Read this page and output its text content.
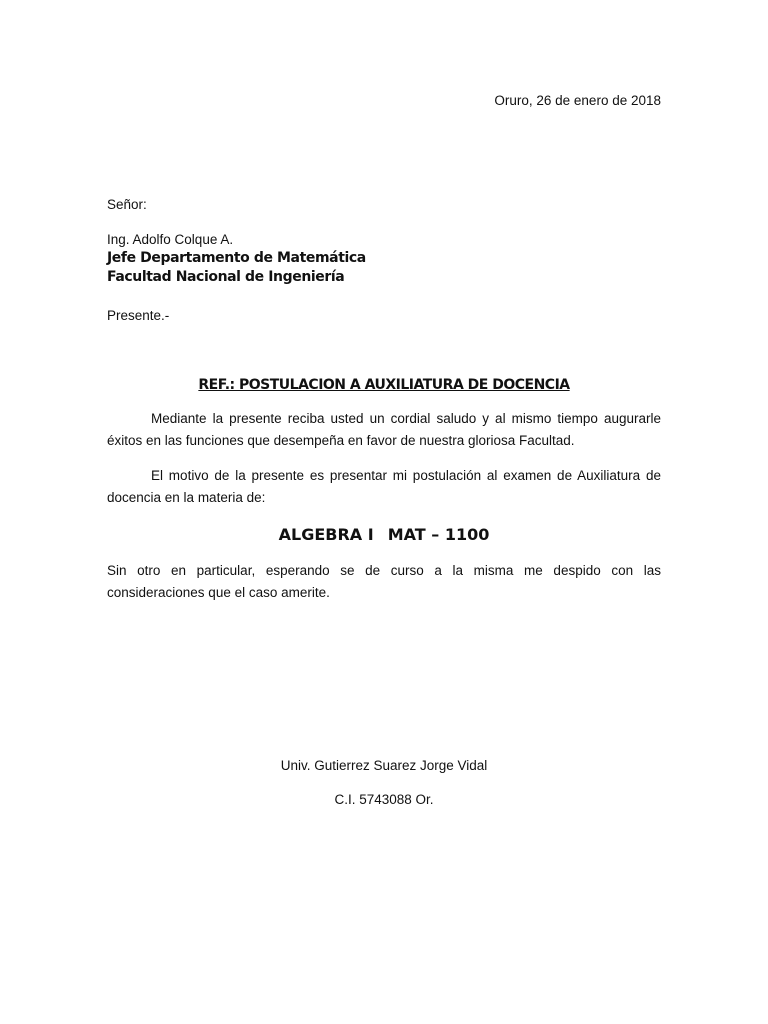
Oruro, 26 de enero de 2018
Señor:
Ing. Adolfo Colque A.
Jefe Departamento de Matemática
Facultad Nacional de Ingeniería
Presente.-
REF.: POSTULACION A AUXILIATURA DE DOCENCIA
Mediante la presente reciba usted un cordial saludo y al mismo tiempo augurarle éxitos en las funciones que desempeña en favor de nuestra gloriosa Facultad.
El motivo de la presente es presentar mi postulación al examen de Auxiliatura de docencia en la materia de:
ALGEBRA I MAT – 1100
Sin otro en particular, esperando se de curso a la misma me despido con las consideraciones que el caso amerite.
Univ. Gutierrez Suarez Jorge Vidal
C.I. 5743088 Or.
